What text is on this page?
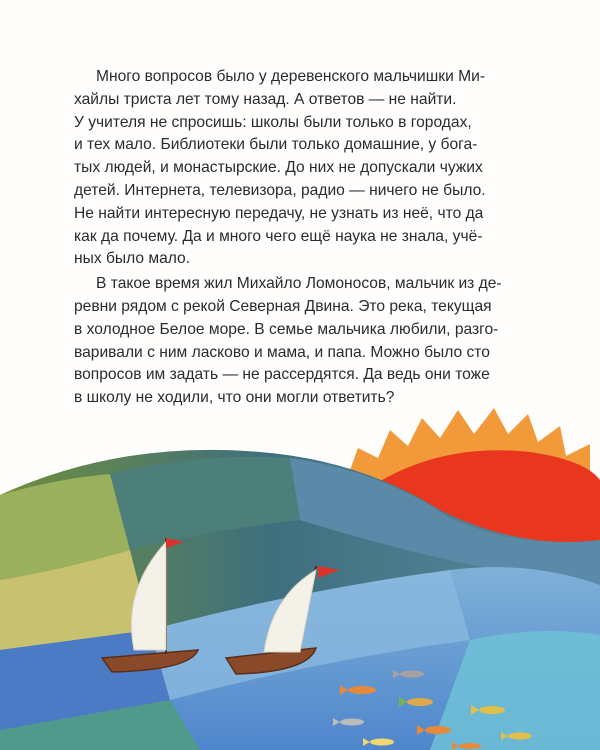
Много вопросов было у деревенского мальчишки Ми-
хайлы триста лет тому назад. А ответов — не найти.
У учителя не спросишь: школы были только в городах,
и тех мало. Библиотеки были только домашние, у бога-
тых людей, и монастырские. До них не допускали чужих
детей. Интернета, телевизора, радио — ничего не было.
Не найти интересную передачу, не узнать из неё, что да
как да почему. Да и много чего ещё наука не знала, учё-
ных было мало.

В такое время жил Михайло Ломоносов, мальчик из де-
ревни рядом с рекой Северная Двина. Это река, текущая
в холодное Белое море. В семье мальчика любили, разго-
варивали с ним ласково и мама, и папа. Можно было сто
вопросов им задать — не рассердятся. Да ведь они тоже
в школу не ходили, что они могли ответить?
